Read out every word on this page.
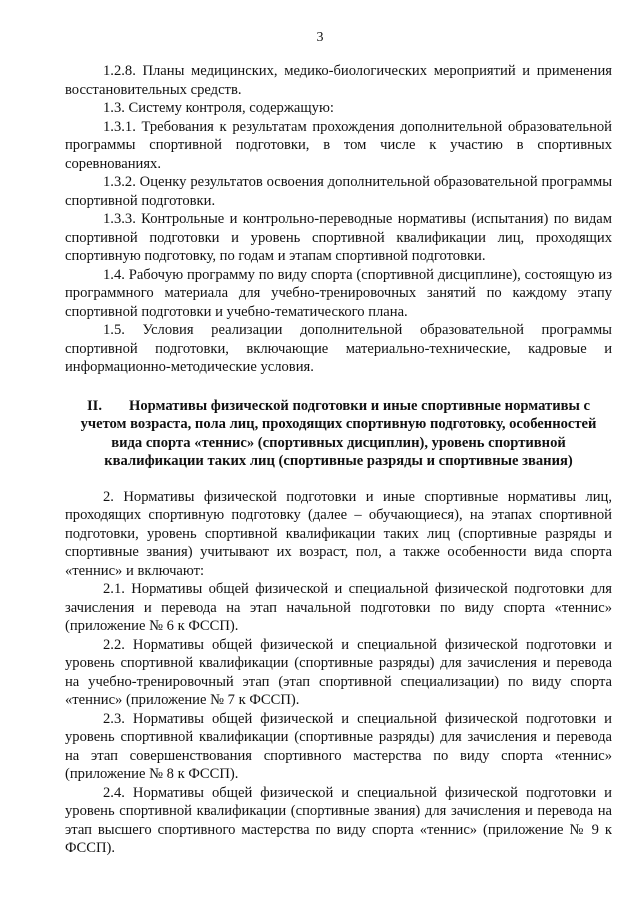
3

1.2.8. Планы медицинских, медико-биологических мероприятий и применения восстановительных средств.

1.3. Систему контроля, содержащую:

1.3.1. Требования к результатам прохождения дополнительной образовательной программы спортивной подготовки, в том числе к участию в спортивных соревнованиях.

1.3.2. Оценку результатов освоения дополнительной образовательной программы спортивной подготовки.

1.3.3. Контрольные и контрольно-переводные нормативы (испытания) по видам спортивной подготовки и уровень спортивной квалификации лиц, проходящих спортивную подготовку, по годам и этапам спортивной подготовки.

1.4. Рабочую программу по виду спорта (спортивной дисциплине), состоящую из программного материала для учебно-тренировочных занятий по каждому этапу спортивной подготовки и учебно-тематического плана.

1.5. Условия реализации дополнительной образовательной программы спортивной подготовки, включающие материально-технические, кадровые и информационно-методические условия.

II. Нормативы физической подготовки и иные спортивные нормативы с учетом возраста, пола лиц, проходящих спортивную подготовку, особенностей вида спорта «теннис» (спортивных дисциплин), уровень спортивной квалификации таких лиц (спортивные разряды и спортивные звания)

2. Нормативы физической подготовки и иные спортивные нормативы лиц, проходящих спортивную подготовку (далее – обучающиеся), на этапах спортивной подготовки, уровень спортивной квалификации таких лиц (спортивные разряды и спортивные звания) учитывают их возраст, пол, а также особенности вида спорта «теннис» и включают:

2.1. Нормативы общей физической и специальной физической подготовки для зачисления и перевода на этап начальной подготовки по виду спорта «теннис» (приложение № 6 к ФССП).

2.2. Нормативы общей физической и специальной физической подготовки и уровень спортивной квалификации (спортивные разряды) для зачисления и перевода на учебно-тренировочный этап (этап спортивной специализации) по виду спорта «теннис» (приложение № 7 к ФССП).

2.3. Нормативы общей физической и специальной физической подготовки и уровень спортивной квалификации (спортивные разряды) для зачисления и перевода на этап совершенствования спортивного мастерства по виду спорта «теннис» (приложение № 8 к ФССП).

2.4. Нормативы общей физической и специальной физической подготовки и уровень спортивной квалификации (спортивные звания) для зачисления и перевода на этап высшего спортивного мастерства по виду спорта «теннис» (приложение № 9 к ФССП).
